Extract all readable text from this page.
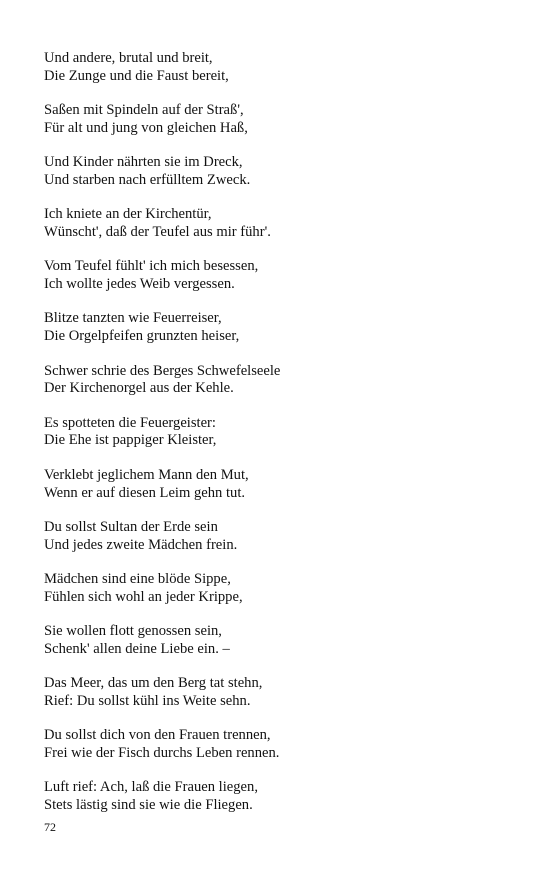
Und andere, brutal und breit,
Die Zunge und die Faust bereit,
Saßen mit Spindeln auf der Straß',
Für alt und jung von gleichen Haß,
Und Kinder nährten sie im Dreck,
Und starben nach erfülltem Zweck.
Ich kniete an der Kirchentür,
Wünscht', daß der Teufel aus mir führ'.
Vom Teufel fühlt' ich mich besessen,
Ich wollte jedes Weib vergessen.
Blitze tanzten wie Feuerreiser,
Die Orgelpfeifen grunzten heiser,
Schwer schrie des Berges Schwefelseele
Der Kirchenorgel aus der Kehle.
Es spotteten die Feuergeister:
Die Ehe ist pappiger Kleister,
Verklebt jeglichem Mann den Mut,
Wenn er auf diesen Leim gehn tut.
Du sollst Sultan der Erde sein
Und jedes zweite Mädchen frein.
Mädchen sind eine blöde Sippe,
Fühlen sich wohl an jeder Krippe,
Sie wollen flott genossen sein,
Schenk' allen deine Liebe ein. –
Das Meer, das um den Berg tat stehn,
Rief: Du sollst kühl ins Weite sehn.
Du sollst dich von den Frauen trennen,
Frei wie der Fisch durchs Leben rennen.
Luft rief: Ach, laß die Frauen liegen,
Stets lästig sind sie wie die Fliegen.
72
